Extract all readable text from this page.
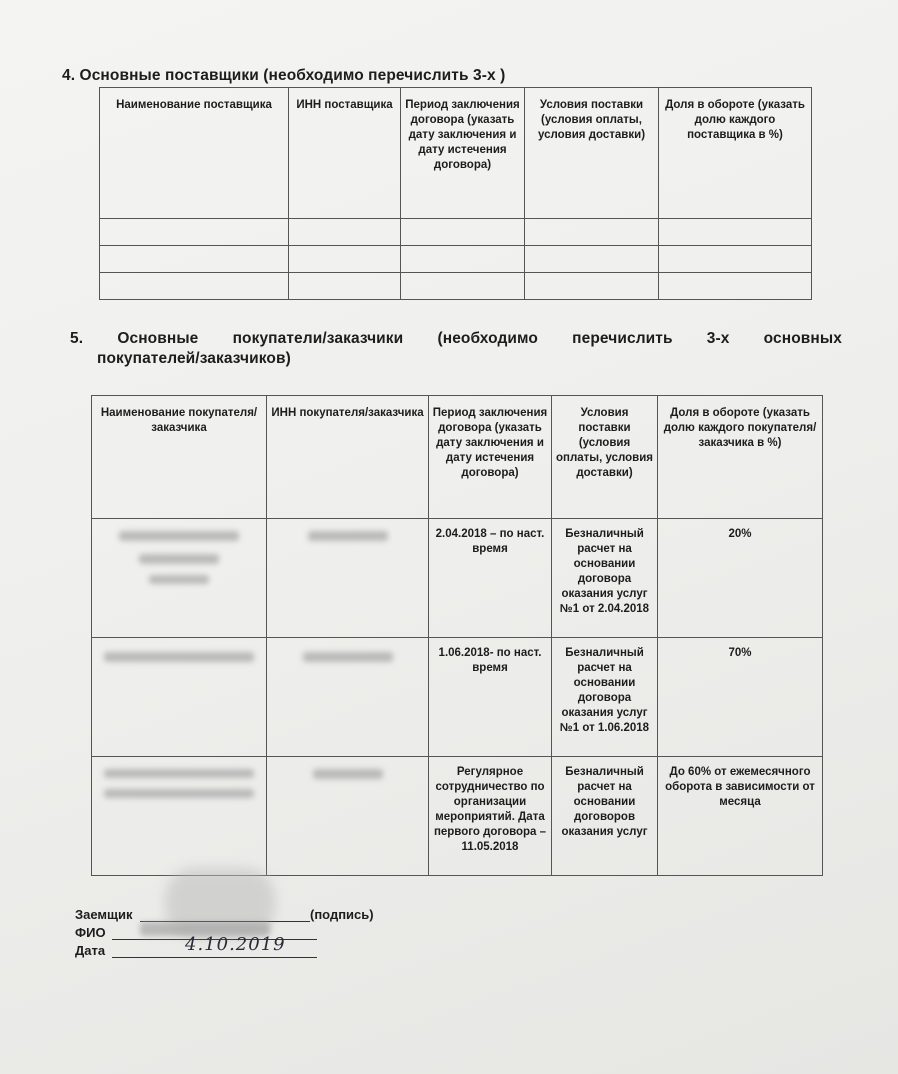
4. Основные поставщики (необходимо перечислить 3-х )
Наименование поставщика	ИНН поставщика	Период заключения договора (указать дату заключения и дату истечения договора)	Условия поставки (условия оплаты, условия доставки)	Доля в обороте (указать долю каждого поставщика в %)

5. Основные покупатели/заказчики (необходимо перечислить 3-х основных
покупателей/заказчиков)
Наименование покупателя/заказчика	ИНН покупателя/заказчика	Период заключения договора (указать дату заключения и дату истечения договора)	Условия поставки (условия оплаты, условия доставки)	Доля в обороте (указать долю каждого покупателя/заказчика в %)

		2.04.2018 – по наст. время	Безналичный расчет на основании договора оказания услуг №1 от 2.04.2018	20%
		1.06.2018- по наст. время	Безналичный расчет на основании договора оказания услуг №1 от 1.06.2018	70%

		Регулярное сотрудничество по организации мероприятий. Дата первого договора – 11.05.2018	Безналичный расчет на основании договоров оказания услуг	До 60% от ежемесячного оборота в зависимости от месяца
Заемщик	(подпись)
ФИО
Дата	4.10.2019
